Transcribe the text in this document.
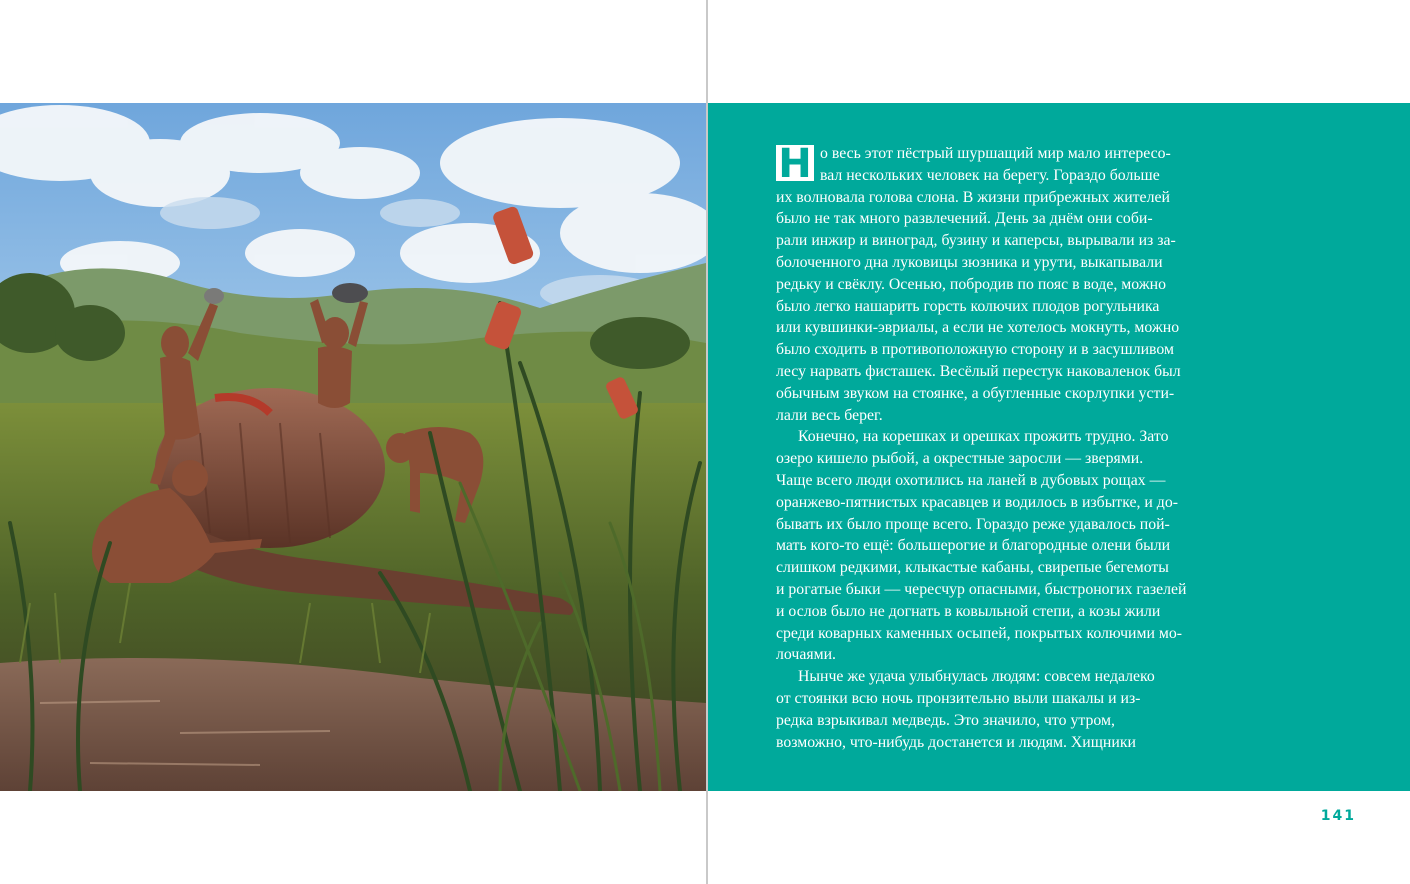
Н о весь этот пёстрый шуршащий мир мало интересо-
вал нескольких человек на берегу. Гораздо больше
их волновала голова слона. В жизни прибрежных жителей
было не так много развлечений. День за днём они соби-
рали инжир и виноград, бузину и каперсы, вырывали из за-
болоченного дна луковицы зюзника и урути, выкапывали
редьку и свёклу. Осенью, побродив по пояс в воде, можно
было легко нашарить горсть колючих плодов рогульника
или кувшинки-эвриалы, а если не хотелось мокнуть, можно
было сходить в противоположную сторону и в засушливом
лесу нарвать фисташек. Весёлый перестук наковаленок был
обычным звуком на стоянке, а обугленные скорлупки усти-
лали весь берег.

Конечно, на корешках и орешках прожить трудно. Зато
озеро кишело рыбой, а окрестные заросли — зверями.
Чаще всего люди охотились на ланей в дубовых рощах —
оранжево-пятнистых красавцев и водилось в избытке, и до-
бывать их было проще всего. Гораздо реже удавалось пой-
мать кого-то ещё: большерогие и благородные олени были
слишком редкими, клыкастые кабаны, свирепые бегемоты
и рогатые быки — чересчур опасными, быстроногих газелей
и ослов было не догнать в ковыльной степи, а козы жили
среди коварных каменных осыпей, покрытых колючими мо-
лочаями.

Нынче же удача улыбнулась людям: совсем недалеко
от стоянки всю ночь пронзительно выли шакалы и из-
редка взрыкивал медведь. Это значило, что утром,
возможно, что-нибудь достанется и людям. Хищники

141
